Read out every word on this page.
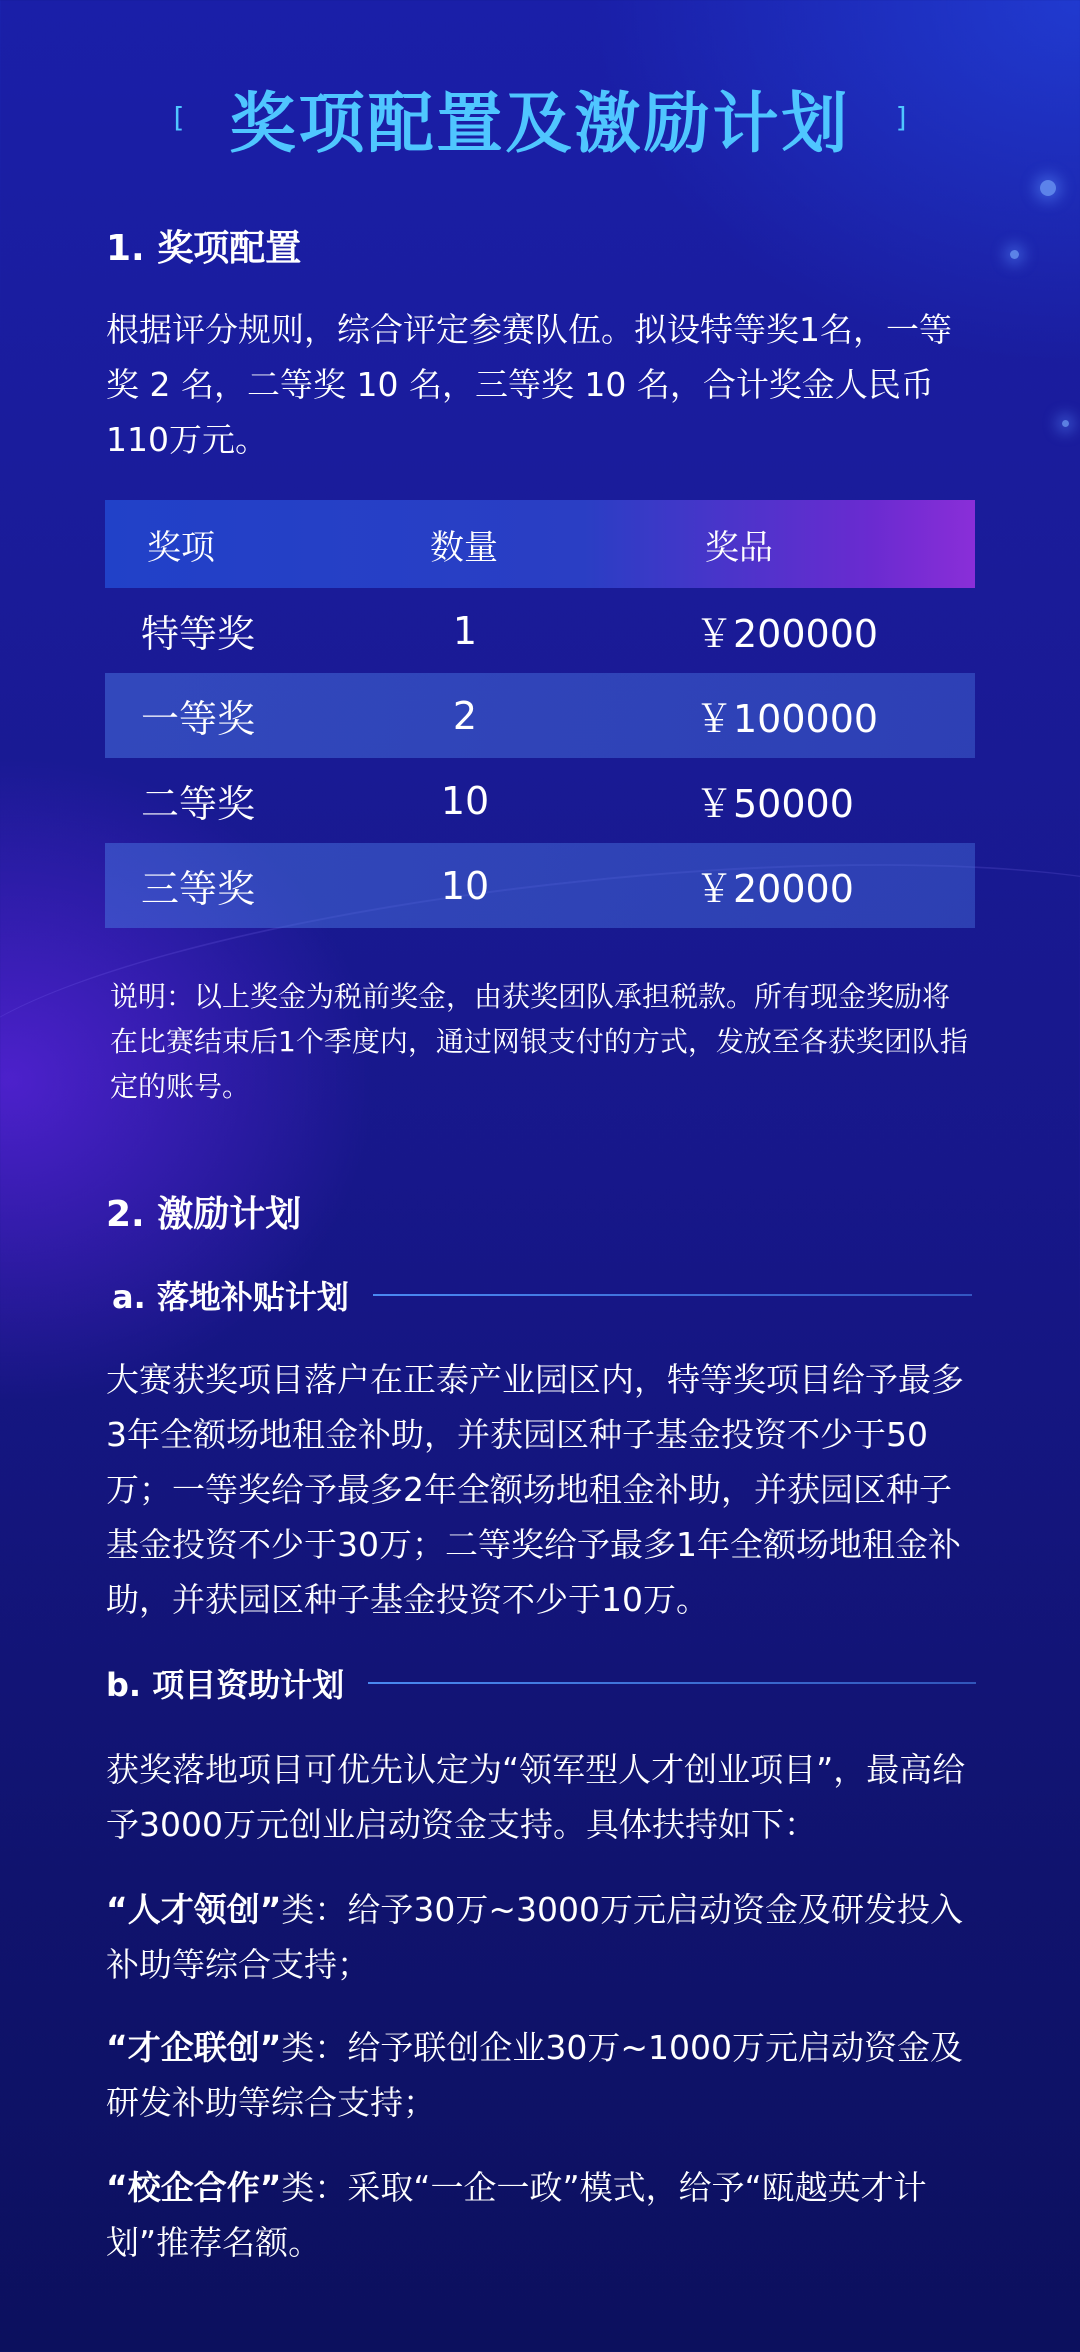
[ 奖项配置及激励计划 ]
1. 奖项配置
根据评分规则，综合评定参赛队伍。拟设特等奖1名，一等奖 2 名，二等奖 10 名，三等奖 10 名，合计奖金人民币110万元。
奖项	数量	奖品
特等奖	1	￥200000
一等奖	2	￥100000
二等奖	10	￥50000
三等奖	10	￥20000
说明：以上奖金为税前奖金，由获奖团队承担税款。所有现金奖励将在比赛结束后1个季度内，通过网银支付的方式，发放至各获奖团队指定的账号。
2. 激励计划
a. 落地补贴计划
大赛获奖项目落户在正泰产业园区内，特等奖项目给予最多3年全额场地租金补助，并获园区种子基金投资不少于50万；一等奖给予最多2年全额场地租金补助，并获园区种子基金投资不少于30万；二等奖给予最多1年全额场地租金补助，并获园区种子基金投资不少于10万。
b. 项目资助计划
获奖落地项目可优先认定为“领军型人才创业项目”，最高给予3000万元创业启动资金支持。具体扶持如下：
“人才领创”类：给予30万~3000万元启动资金及研发投入补助等综合支持；
“才企联创”类：给予联创企业30万~1000万元启动资金及研发补助等综合支持；
“校企合作”类：采取“一企一政”模式，给予“瓯越英才计划”推荐名额。
